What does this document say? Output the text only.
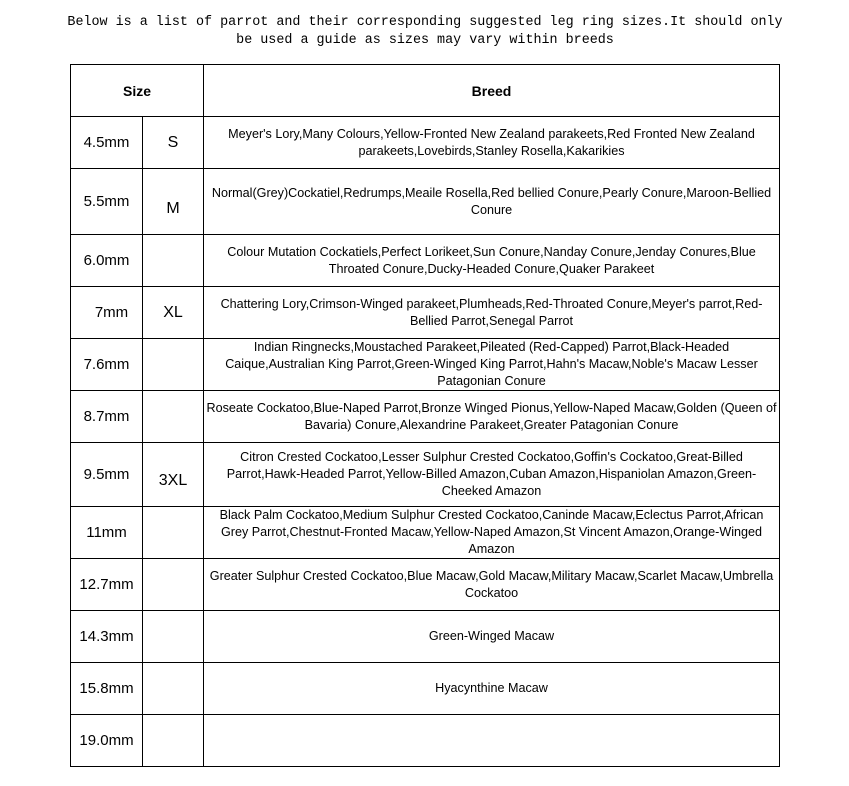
Below is a list of parrot and their corresponding suggested leg ring sizes.It should only be used a guide as sizes may vary within breeds

Size		Breed
4.5mm	S	Meyer's Lory,Many Colours,Yellow-Fronted New Zealand parakeets,Red Fronted New Zealand parakeets,Lovebirds,Stanley Rosella,Kakarikies
5.5mm	M	Normal(Grey)Cockatiel,Redrumps,Meaile Rosella,Red bellied Conure,Pearly Conure,Maroon-Bellied Conure
6.0mm		Colour Mutation Cockatiels,Perfect Lorikeet,Sun Conure,Nanday Conure,Jenday Conures,Blue Throated Conure,Ducky-Headed Conure,Quaker Parakeet
7mm	XL	Chattering Lory,Crimson-Winged parakeet,Plumheads,Red-Throated Conure,Meyer's parrot,Red-Bellied Parrot,Senegal Parrot
7.6mm		Indian Ringnecks,Moustached Parakeet,Pileated (Red-Capped) Parrot,Black-Headed Caique,Australian King Parrot,Green-Winged King Parrot,Hahn's Macaw,Noble's Macaw Lesser Patagonian Conure
8.7mm		Roseate Cockatoo,Blue-Naped Parrot,Bronze Winged Pionus,Yellow-Naped Macaw,Golden (Queen of Bavaria) Conure,Alexandrine Parakeet,Greater Patagonian Conure
9.5mm	3XL	Citron Crested Cockatoo,Lesser Sulphur Crested Cockatoo,Goffin's Cockatoo,Great-Billed Parrot,Hawk-Headed Parrot,Yellow-Billed Amazon,Cuban Amazon,Hispaniolan Amazon,Green-Cheeked Amazon
11mm		Black Palm Cockatoo,Medium Sulphur Crested Cockatoo,Caninde Macaw,Eclectus Parrot,African Grey Parrot,Chestnut-Fronted Macaw,Yellow-Naped Amazon,St Vincent Amazon,Orange-Winged Amazon
12.7mm		Greater Sulphur Crested Cockatoo,Blue Macaw,Gold Macaw,Military Macaw,Scarlet Macaw,Umbrella Cockatoo
14.3mm		Green-Winged Macaw
15.8mm		Hyacynthine Macaw
19.0mm		
